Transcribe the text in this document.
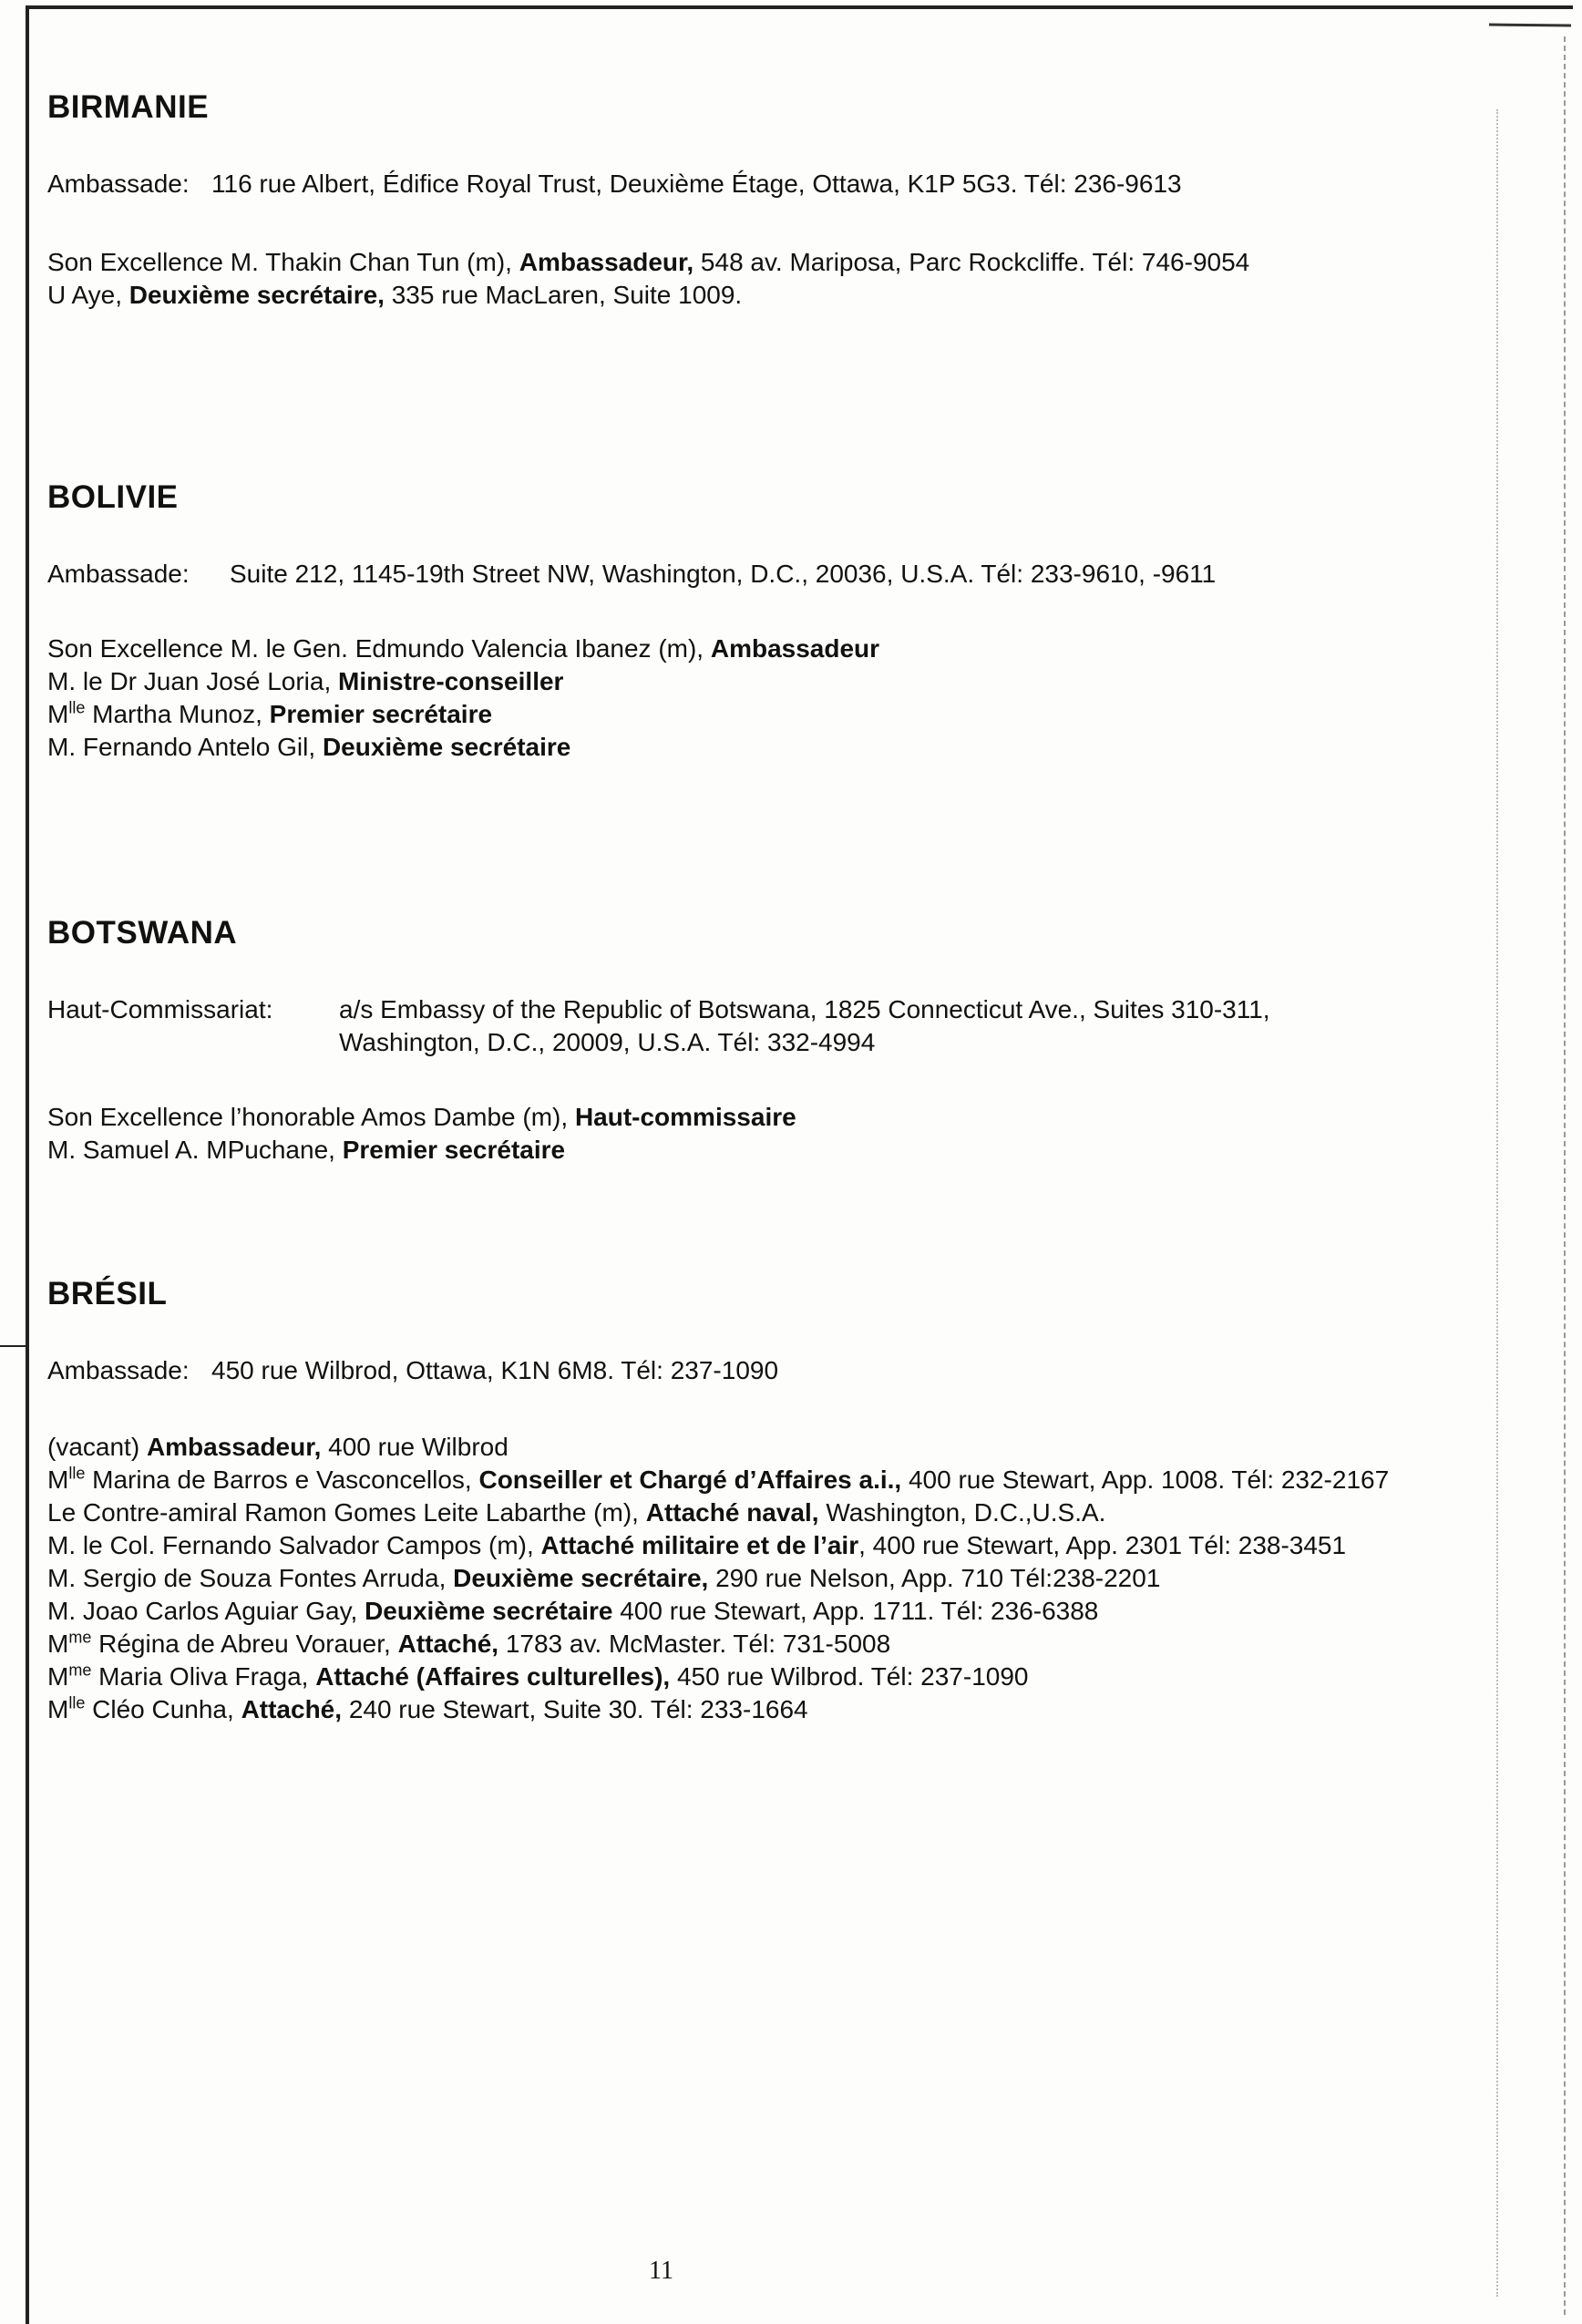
BIRMANIE
Ambassade: 116 rue Albert, Édifice Royal Trust, Deuxième Étage, Ottawa, K1P 5G3. Tél: 236-9613
Son Excellence M. Thakin Chan Tun (m), Ambassadeur, 548 av. Mariposa, Parc Rockcliffe. Tél: 746-9054
U Aye, Deuxième secrétaire, 335 rue MacLaren, Suite 1009.
BOLIVIE
Ambassade:	Suite 212, 1145-19th Street NW, Washington, D.C., 20036, U.S.A. Tél: 233-9610, -9611
Son Excellence M. le Gen. Edmundo Valencia Ibanez (m), Ambassadeur
M. le Dr Juan José Loria, Ministre-conseiller
$M^{lle}$ Martha Munoz, Premier secrétaire
M. Fernando Antelo Gil, Deuxième secrétaire
BOTSWANA
Haut-Commissariat:	a/s Embassy of the Republic of Botswana, 1825 Connecticut Ave., Suites 310-311, Washington, D.C., 20009, U.S.A. Tél: 332-4994
Son Excellence l’honorable Amos Dambe (m), Haut-commissaire
M. Samuel A. MPuchane, Premier secrétaire
BRÉSIL
Ambassade: 450 rue Wilbrod, Ottawa, K1N 6M8. Tél: 237-1090
(vacant) Ambassadeur, 400 rue Wilbrod
$M^{lle}$ Marina de Barros e Vasconcellos, Conseiller et Chargé d’Affaires a.i., 400 rue Stewart, App. 1008. Tél: 232-2167
Le Contre-amiral Ramon Gomes Leite Labarthe (m), Attaché naval, Washington, D.C.,U.S.A.
M. le Col. Fernando Salvador Campos (m), Attaché militaire et de l’air, 400 rue Stewart, App. 2301 Tél: 238-3451
M. Sergio de Souza Fontes Arruda, Deuxième secrétaire, 290 rue Nelson, App. 710 Tél:238-2201
M. Joao Carlos Aguiar Gay, Deuxième secrétaire 400 rue Stewart, App. 1711. Tél: 236-6388
$M^{me}$ Régina de Abreu Vorauer, Attaché, 1783 av. McMaster. Tél: 731-5008
$M^{me}$ Maria Oliva Fraga, Attaché (Affaires culturelles), 450 rue Wilbrod. Tél: 237-1090
$M^{lle}$ Cléo Cunha, Attaché, 240 rue Stewart, Suite 30. Tél: 233-1664
11
